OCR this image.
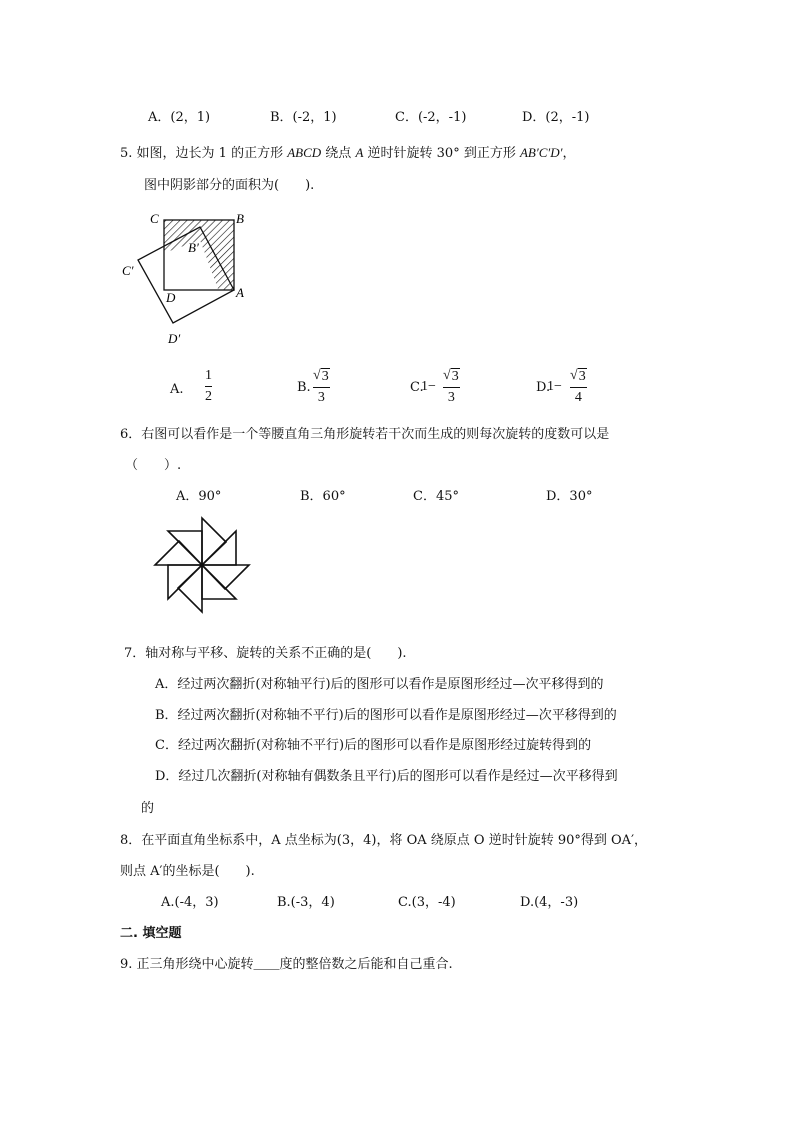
A．(2，1)	B．(-2，1)	C．(-2，-1)	D．(2，-1)
5. 如图，边长为 1 的正方形 ABCD 绕点 A 逆时针旋转 30° 到正方形 AB′C′D′，
图中阴影部分的面积为(　　).
C	B
B′
C′
D	A
D′
A.
1
2
B.
√ 3
3
C.
1−
√ 3
3
D.
1−
√ 3
4
6．右图可以看作是一个等腰直角三角形旋转若干次而生成的则每次旋转的度数可以是
（　　）.
A．90°	B．60°	C．45°	D．30°
7．轴对称与平移、旋转的关系不正确的是(　　).
A．经过两次翻折(对称轴平行)后的图形可以看作是原图形经过—次平移得到的
B．经过两次翻折(对称轴不平行)后的图形可以看作是原图形经过—次平移得到的
C．经过两次翻折(对称轴不平行)后的图形可以看作是原图形经过旋转得到的
D．经过几次翻折(对称轴有偶数条且平行)后的图形可以看作是经过—次平移得到
的
8．在平面直角坐标系中，A 点坐标为(3，4)，将 OA 绕原点 O 逆时针旋转 90°得到 OA′，
则点 A′的坐标是(　　).
A.(-4，3)	B.(-3，4)	C.(3，-4)	D.(4，-3)
二. 填空题
9. 正三角形绕中心旋转＿＿度的整倍数之后能和自己重合.
